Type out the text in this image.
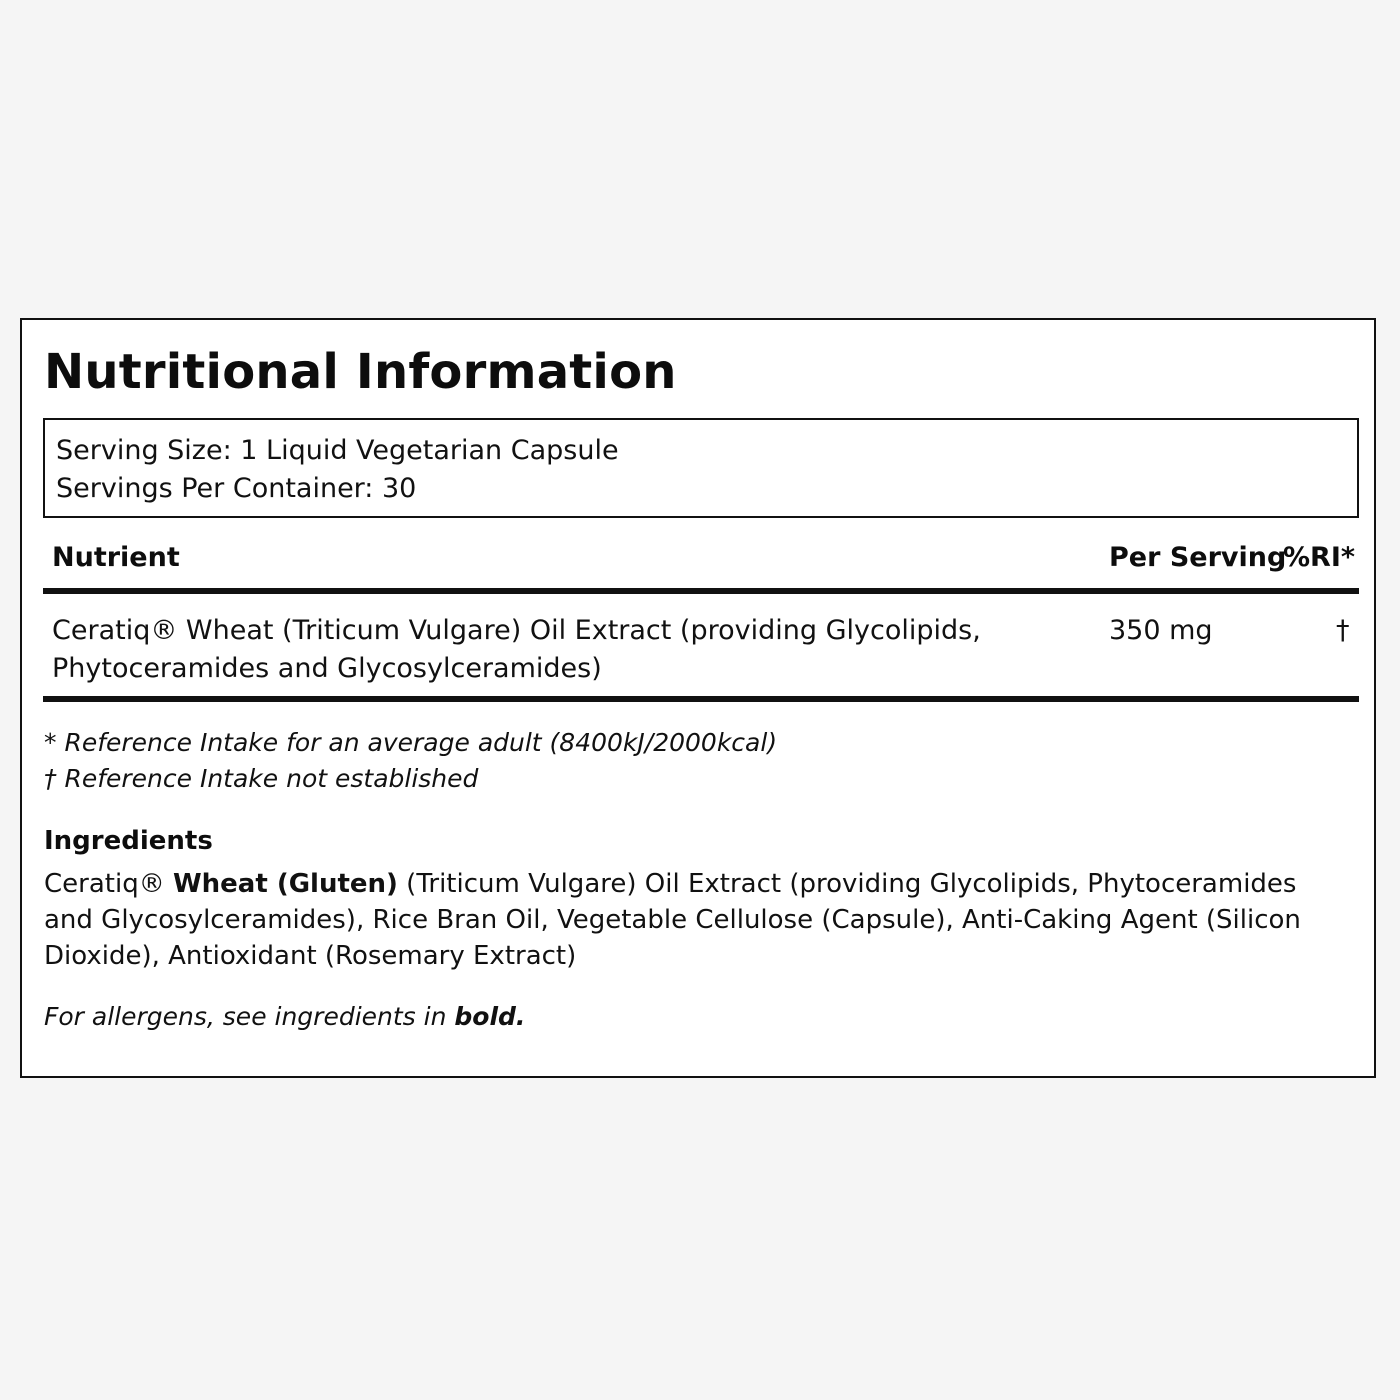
Nutritional Information
Serving Size: 1 Liquid Vegetarian Capsule
Servings Per Container: 30
Nutrient	Per Serving
%RI*
Ceratiq® Wheat (Triticum Vulgare) Oil Extract (providing Glycolipids, Phytoceramides and Glycosylceramides)
350 mg	†
* Reference Intake for an average adult (8400kJ/2000kcal)
† Reference Intake not established
Ingredients
Ceratiq® Wheat (Gluten) (Triticum Vulgare) Oil Extract (providing Glycolipids, Phytoceramides and Glycosylceramides), Rice Bran Oil, Vegetable Cellulose (Capsule), Anti-Caking Agent (Silicon Dioxide), Antioxidant (Rosemary Extract)
For allergens, see ingredients in bold.
